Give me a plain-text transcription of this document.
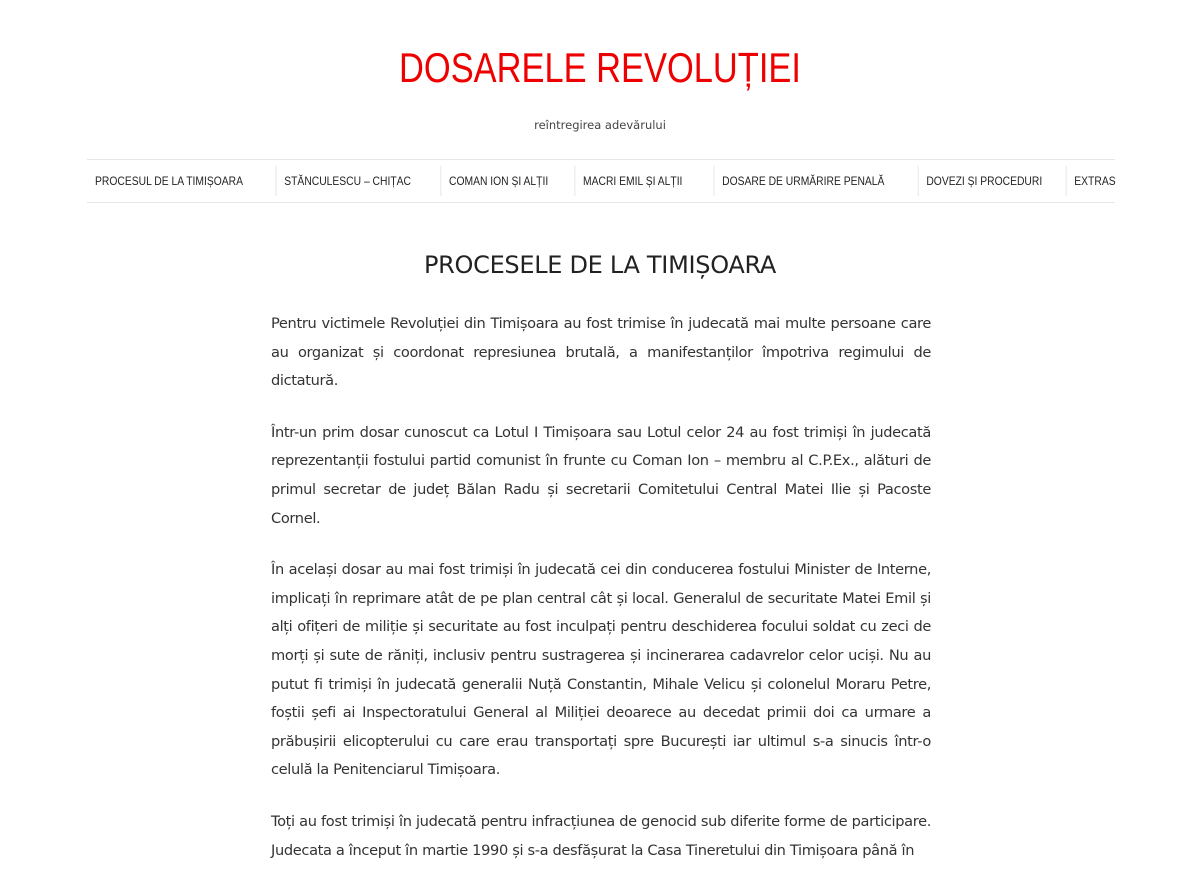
DOSARELE REVOLUȚIEI

reîntregirea adevărului

PROCESUL DE LA TIMIȘOARA	STĂNCULESCU – CHIȚAC	COMAN ION ȘI ALȚII	MACRI EMIL ȘI ALȚII	DOSARE DE URMĂRIRE PENALĂ	DOVEZI ȘI PROCEDURI	EXTRAS
PROCESELE DE LA TIMIȘOARA

Pentru victimele Revoluției din Timișoara au fost trimise în judecată mai multe persoane care au organizat și coordonat represiunea brutală, a manifestanților împotriva regimului de dictatură.

Într-un prim dosar cunoscut ca Lotul I Timișoara sau Lotul celor 24 au fost trimiși în judecată reprezentanții fostului partid comunist în frunte cu Coman Ion – membru al C.P.Ex., alături de primul secretar de județ Bălan Radu și secretarii Comitetului Central Matei Ilie și Pacoste Cornel.

În același dosar au mai fost trimiși în judecată cei din conducerea fostului Minister de Interne, implicați în reprimare atât de pe plan central cât și local. Generalul de securitate Matei Emil și alți ofițeri de miliție și securitate au fost inculpați pentru deschiderea focului soldat cu zeci de morți și sute de răniți, inclusiv pentru sustragerea și incinerarea cadavrelor celor uciși. Nu au putut fi trimiși în judecată generalii Nuță Constantin, Mihale Velicu și colonelul Moraru Petre, foștii șefi ai Inspectoratului General al Miliției deoarece au decedat primii doi ca urmare a prăbușirii elicopterului cu care erau transportați spre București iar ultimul s-a sinucis într-o celulă la Penitenciarul Timișoara.

Toți au fost trimiși în judecată pentru infracțiunea de genocid sub diferite forme de participare. Judecata a început în martie 1990 și s-a desfășurat la Casa Tineretului din Timișoara până în
